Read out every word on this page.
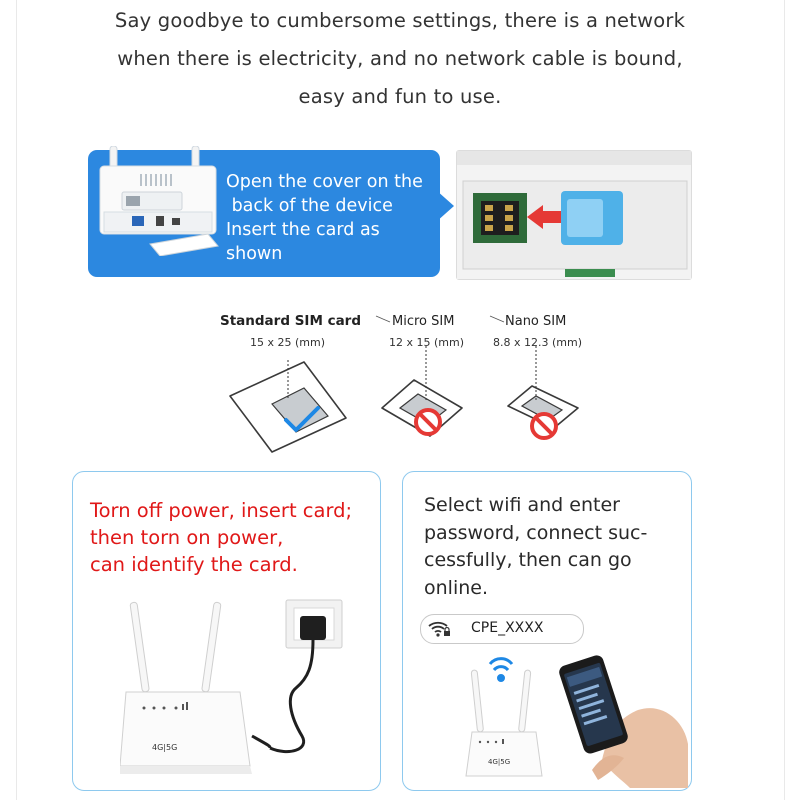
Say goodbye to cumbersome settings, there is a network
when there is electricity, and no network cable is bound,
easy and fun to use.
Open the cover on the
back of the device
Insert the card as
shown
Standard SIM card
15 x 25 (mm)
Micro SIM
12 x 15 (mm)
Nano SIM
8.8 x 12.3 (mm)
Torn off power, insert card;
then torn on power,
can identify the card.
4G|5G
Select wifi and enter
password, connect suc-
cessfully, then can go
online.
CPE_XXXX
4G|5G
